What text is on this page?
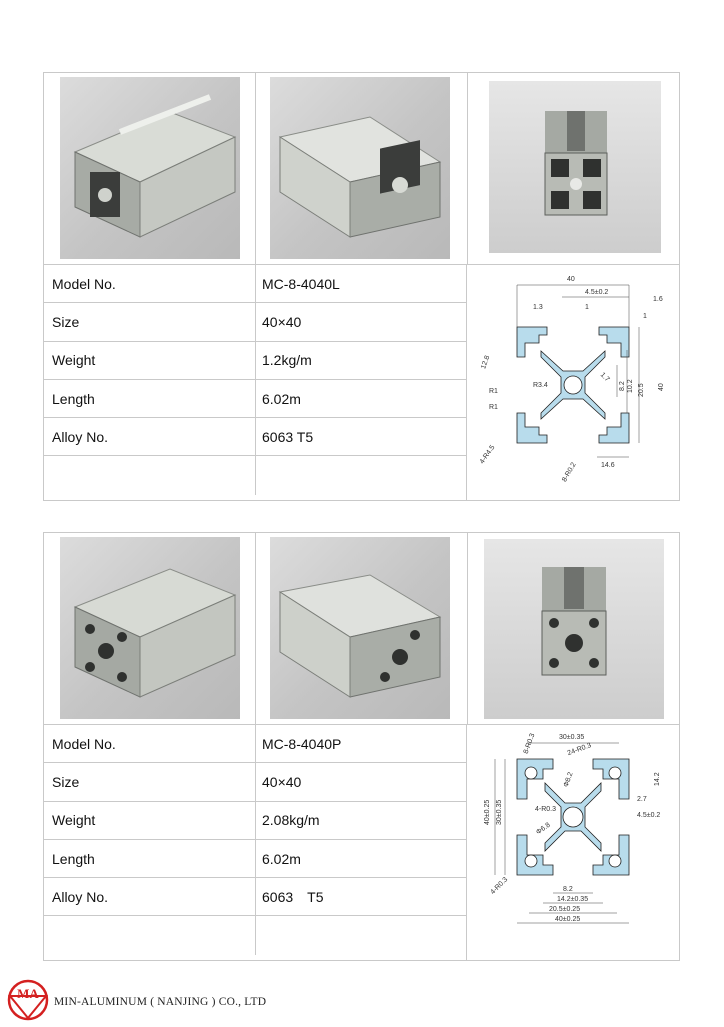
Model No.	MC-8-4040L
Size	40×40
Weight	1.2kg/m
Length	6.02m
Alloy No.	6063 T5
40
4.5±0.2
1.3	1
1
1.6
12.8
1.7
8.2 10.2 20.5 40
R3.4
R1
R1
4-R4.5
14.6
8-R0.2
Model No.	MC-8-4040P
Size	40×40
Weight	2.08kg/m
Length	6.02m
Alloy No.	6063　T5
30±0.35
24-R0.3
8-R0.3
Φ8.2
4-R0.3
Φ6.8
8.2
14.2±0.35
20.5±0.25
40±0.25
14.2
2.7
4.5±0.2
40±0.25 30±0.35
4-R0.3
MA
MIN-ALUMINUM ( NANJING ) CO., LTD
